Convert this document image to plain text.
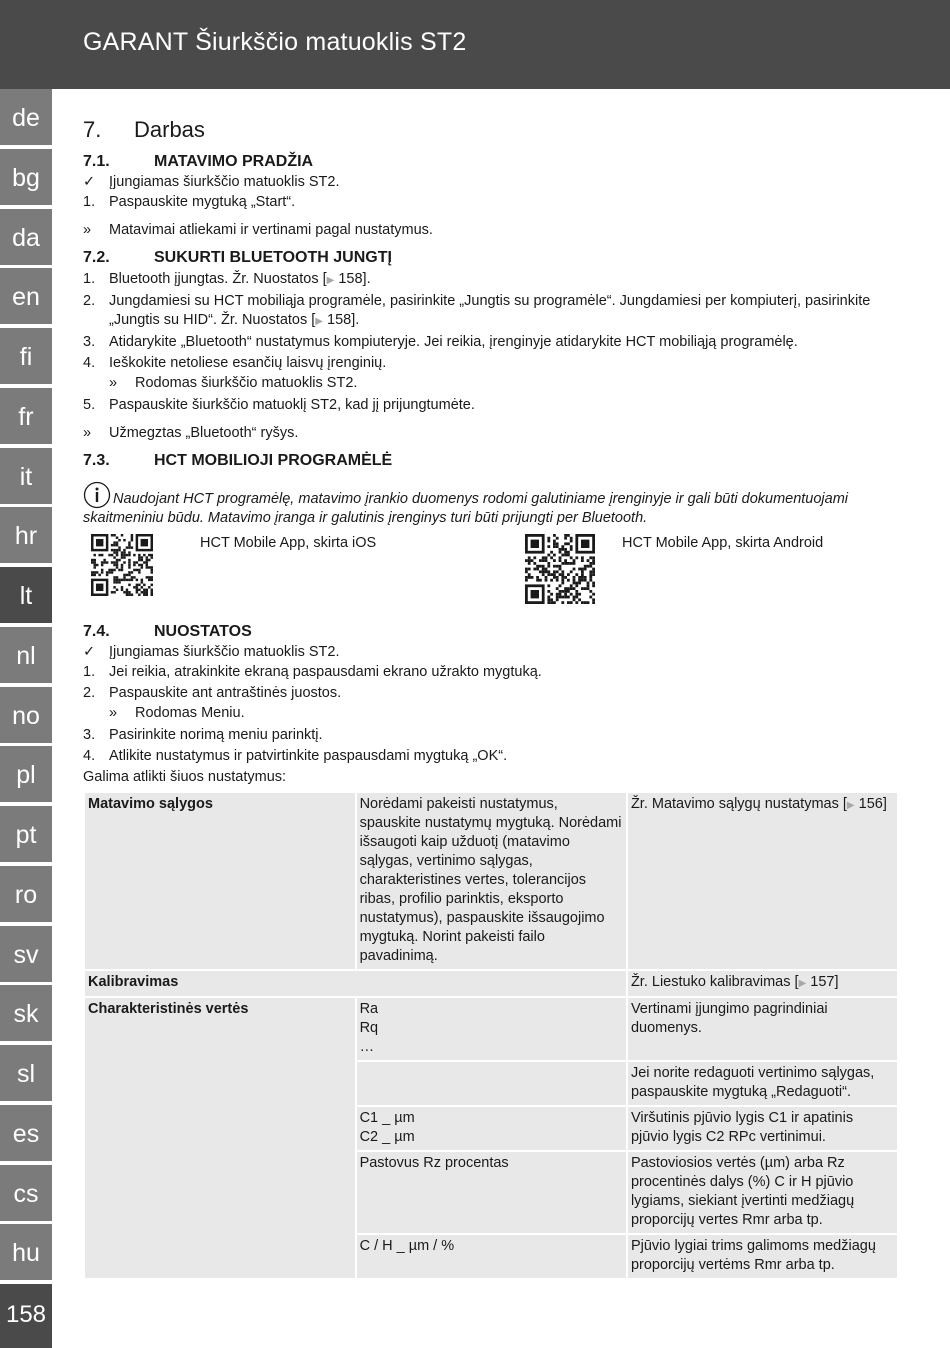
GARANT Šiurkščio matuoklis ST2
de
bg
da
en
fi
fr
it
hr
lt
nl
no
pl
pt
ro
sv
sk
sl
es
cs
hu
158
7. Darbas
7.1.	MATAVIMO PRADŽIA
✓ Įjungiamas šiurkščio matuoklis ST2.
1. Paspauskite mygtuką „Start“.
»	Matavimai atliekami ir vertinami pagal nustatymus.
7.2.	SUKURTI BLUETOOTH JUNGTĮ
1. Bluetooth įjungtas. Žr. Nuostatos [▶ 158].
2. Jungdamiesi su HCT mobiliąja programėle, pasirinkite „Jungtis su programėle“. Jungdamiesi per kompiuterį, pasirinkite „Jungtis su HID“. Žr. Nuostatos [▶ 158].
3. Atidarykite „Bluetooth“ nustatymus kompiuteryje. Jei reikia, įrenginyje atidarykite HCT mobiliąją programėlę.
4. Ieškokite netoliese esančių laisvų įrenginių.
»	Rodomas šiurkščio matuoklis ST2.
5. Paspauskite šiurkščio matuoklį ST2, kad jį prijungtumėte.
»	Užmegztas „Bluetooth“ ryšys.
7.3.	HCT MOBILIOJI PROGRAMĖLĖ
Naudojant HCT programėlę, matavimo įrankio duomenys rodomi galutiniame įrenginyje ir gali būti dokumentuojami skaitmeniniu būdu. Matavimo įranga ir galutinis įrenginys turi būti prijungti per Bluetooth.
HCT Mobile App, skirta iOS	HCT Mobile App, skirta Android
7.4.	NUOSTATOS
✓ Įjungiamas šiurkščio matuoklis ST2.
1. Jei reikia, atrakinkite ekraną paspausdami ekrano užrakto mygtuką.
2. Paspauskite ant antraštinės juostos.
»	Rodomas Meniu.
3. Pasirinkite norimą meniu parinktį.
4. Atlikite nustatymus ir patvirtinkite paspausdami mygtuką „OK“.
Galima atlikti šiuos nustatymus:
Matavimo sąlygos	Norėdami pakeisti nustatymus, spauskite nustatymų mygtuką. Norėdami išsaugoti kaip užduotį (matavimo sąlygas, vertinimo sąlygas, charakteristines vertes, tolerancijos ribas, profilio parinktis, eksporto nustatymus), paspauskite išsaugojimo mygtuką. Norint pakeisti failo pavadinimą.	Žr. Matavimo sąlygų nustatymas [▶ 156]
Kalibravimas		Žr. Liestuko kalibravimas [▶ 157]
Charakteristinės vertės	Ra
Rq
…	Vertinami įjungimo pagrindiniai duomenys.
		Jei norite redaguoti vertinimo sąlygas, paspauskite mygtuką „Redaguoti“.

	C1 _ µm
C2 _ µm	Viršutinis pjūvio lygis C1 ir apatinis pjūvio lygis C2 RPc vertinimui.
	Pastovus Rz procentas	Pastoviosios vertės (µm) arba Rz procentinės dalys (%) C ir H pjūvio lygiams, siekiant įvertinti medžiagų proporcijų vertes Rmr arba tp.
	C / H _ µm / %	Pjūvio lygiai trims galimoms medžiagų proporcijų vertėms Rmr arba tp.
